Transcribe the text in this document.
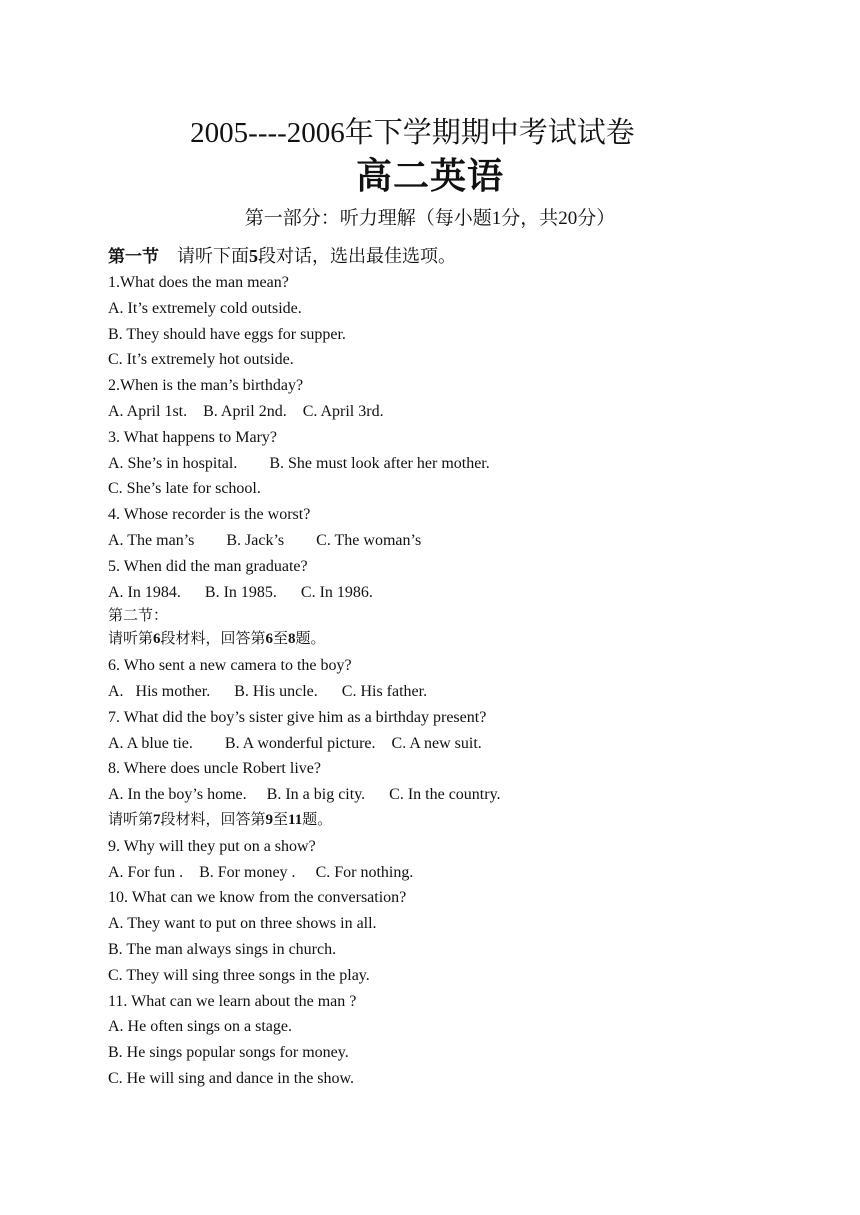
2005----2006年下学期期中考试试卷
高二英语
第一部分：听力理解（每小题1分，共20分）
第一节 请听下面5段对话，选出最佳选项。
1.What does the man mean?
A. It’s extremely cold outside.
B. They should have eggs for supper.
C. It’s extremely hot outside.
2.When is the man’s birthday?
A. April 1st. B. April 2nd. C. April 3rd.
3. What happens to Mary?
A. She’s in hospital. B. She must look after her mother.
C. She’s late for school.
4. Whose recorder is the worst?
A. The man’s B. Jack’s C. The woman’s
5. When did the man graduate?
A. In 1984. B. In 1985. C. In 1986.
第二节：
请听第6段材料，回答第6至8题。
6. Who sent a new camera to the boy?
A.   His mother. B. His uncle. C. His father.
7. What did the boy’s sister give him as a birthday present?
A. A blue tie. B. A wonderful picture. C. A new suit.
8. Where does uncle Robert live?
A. In the boy’s home. B. In a big city. C. In the country.
请听第7段材料，回答第9至11题。
9. Why will they put on a show?
A. For fun . B. For money . C. For nothing.
10. What can we know from the conversation?
A. They want to put on three shows in all.
B. The man always sings in church.
C. They will sing three songs in the play.
11. What can we learn about the man ?
A. He often sings on a stage.
B. He sings popular songs for money.
C. He will sing and dance in the show.
